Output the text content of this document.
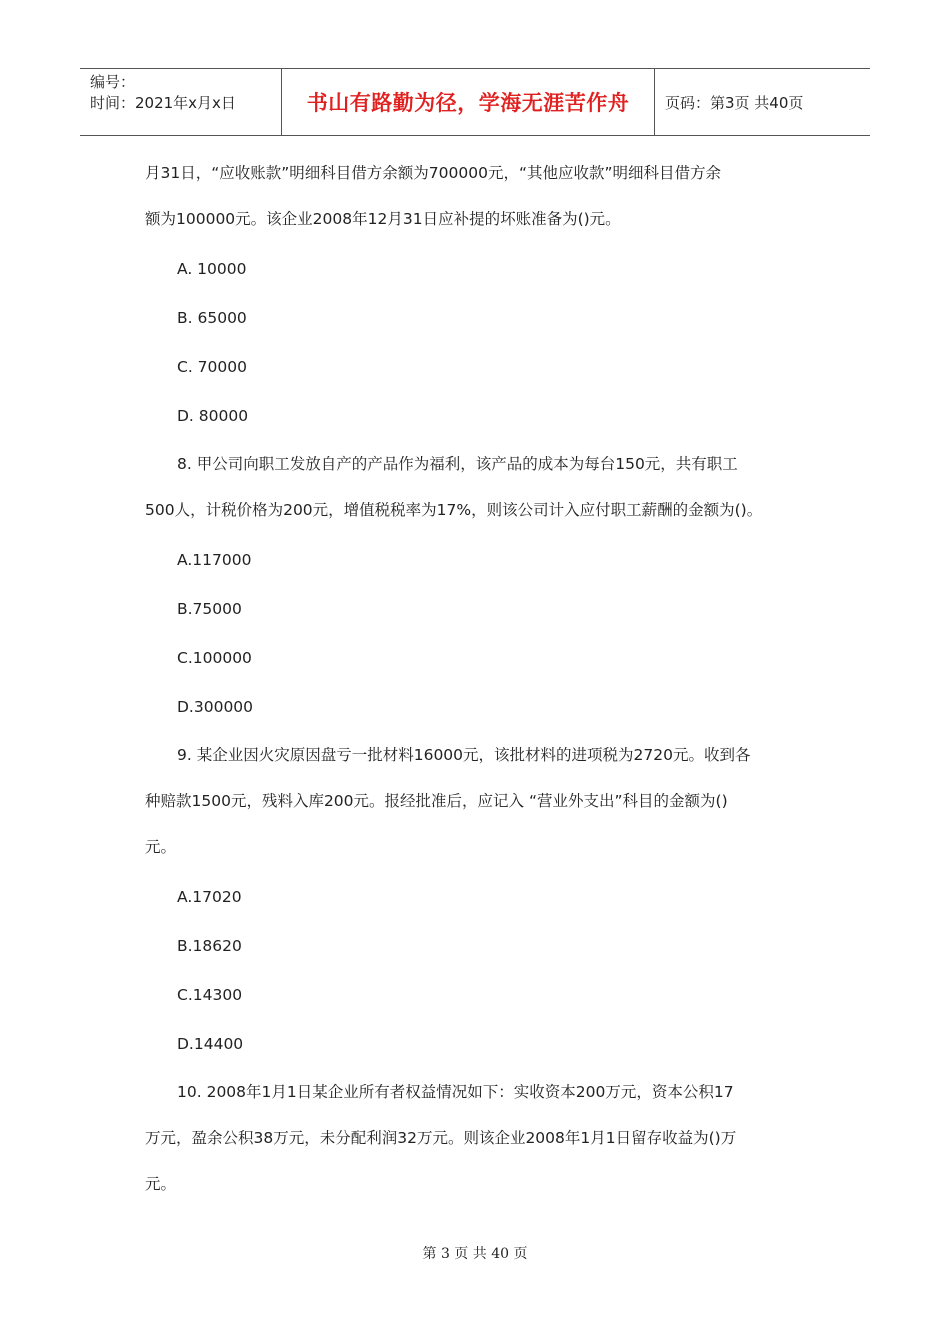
编号：
时间：2021年x月x日	书山有路勤为径，学海无涯苦作舟 页码：第3页 共40页
月31日，“应收账款”明细科目借方余额为700000元，“其他应收款”明细科目借方余
额为100000元。该企业2008年12月31日应补提的坏账准备为()元。
A. 10000
B. 65000
C. 70000
D. 80000
8. 甲公司向职工发放自产的产品作为福利，该产品的成本为每台150元，共有职工
500人，计税价格为200元，增值税税率为17%，则该公司计入应付职工薪酬的金额为()。
A.117000
B.75000
C.100000
D.300000
9. 某企业因火灾原因盘亏一批材料16000元，该批材料的进项税为2720元。收到各
种赔款1500元，残料入库200元。报经批准后，应记入 “营业外支出”科目的金额为()
元。
A.17020
B.18620
C.14300
D.14400
10. 2008年1月1日某企业所有者权益情况如下：实收资本200万元，资本公积17
万元，盈余公积38万元，未分配利润32万元。则该企业2008年1月1日留存收益为()万
元。
第 3 页 共 40 页
